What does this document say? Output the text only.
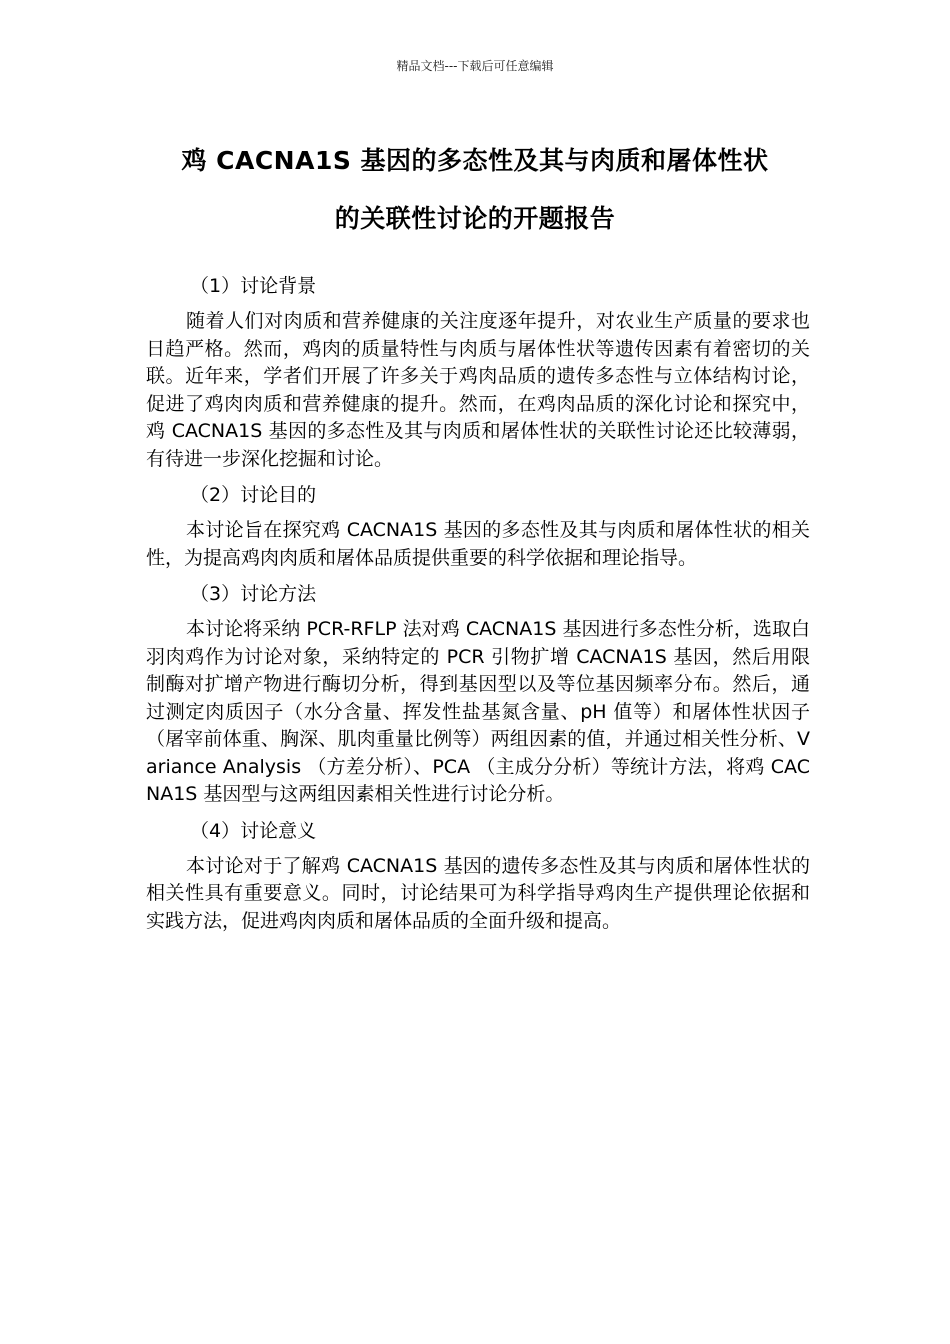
精品文档---下载后可任意编辑
鸡 CACNA1S 基因的多态性及其与肉质和屠体性状
的关联性讨论的开题报告

（1）讨论背景

随着人们对肉质和营养健康的关注度逐年提升，对农业生产质量的要求也日趋严格。然而，鸡肉的质量特性与肉质与屠体性状等遗传因素有着密切的关联。近年来，学者们开展了许多关于鸡肉品质的遗传多态性与立体结构讨论，促进了鸡肉肉质和营养健康的提升。然而，在鸡肉品质的深化讨论和探究中，鸡 CACNA1S 基因的多态性及其与肉质和屠体性状的关联性讨论还比较薄弱，有待进一步深化挖掘和讨论。

（2）讨论目的

本讨论旨在探究鸡 CACNA1S 基因的多态性及其与肉质和屠体性状的相关性，为提高鸡肉肉质和屠体品质提供重要的科学依据和理论指导。

（3）讨论方法

本讨论将采纳 PCR-RFLP 法对鸡 CACNA1S 基因进行多态性分析，选取白羽肉鸡作为讨论对象，采纳特定的 PCR 引物扩增 CACNA1S 基因，然后用限制酶对扩增产物进行酶切分析，得到基因型以及等位基因频率分布。然后，通过测定肉质因子（水分含量、挥发性盐基氮含量、pH 值等）和屠体性状因子（屠宰前体重、胸深、肌肉重量比例等）两组因素的值，并通过相关性分析、Variance Analysis （方差分析）、PCA （主成分分析）等统计方法，将鸡 CACNA1S 基因型与这两组因素相关性进行讨论分析。

（4）讨论意义

本讨论对于了解鸡 CACNA1S 基因的遗传多态性及其与肉质和屠体性状的相关性具有重要意义。同时，讨论结果可为科学指导鸡肉生产提供理论依据和实践方法，促进鸡肉肉质和屠体品质的全面升级和提高。
